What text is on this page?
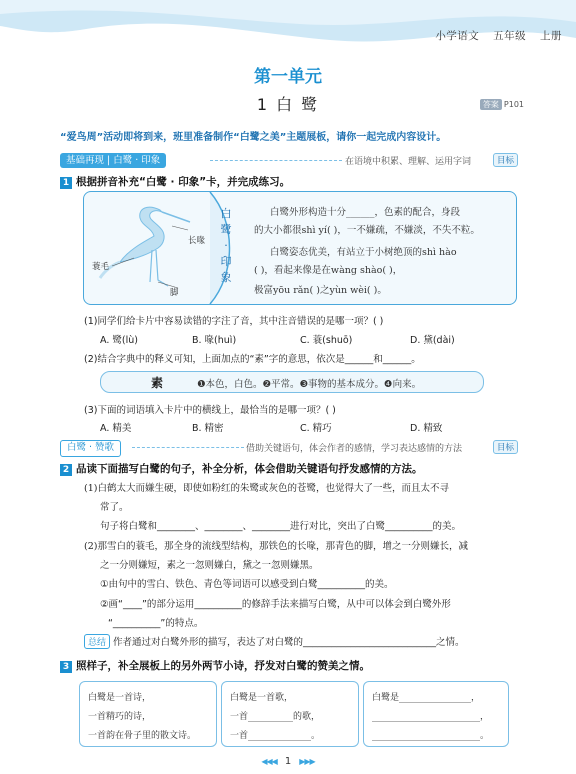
小学语文 五年级 上册
第一单元
1 白 鹭	答案 P101
“爱鸟周”活动即将到来，班里准备制作“白鹭之美”主题展板，请你一起完成内容设计。
基础再现 | 白鹭 · 印象	在语境中积累、理解、运用字词	目标
1 根据拼音补充“白鹭 · 印象”卡，并完成练习。
长喙
蓑毛
脚
白
鹭
·
印
象
白鹭外形构造十分______，色素的配合，身段
的大小都很shì yí( )，一不嫌疏，不嫌淡，不失不粒。
白鹭姿态优美，有站立于小树绝顶的shì hào
( )，看起来像是在wàng shào( )，
极富yōu rǎn( )之yùn wèi( )。
(1)同学们给卡片中容易读错的字注了音，其中注音错误的是哪一项？( )
A. 鹭(lù)	B. 喙(huì)	C. 蓑(shuō)	D. 黛(dài)
(2)结合字典中的释义可知，上面加点的“素”字的意思，依次是______和______。
素	❶本色，白色。❷平常。❸事物的基本成分。❹向来。
(3)下面的词语填入卡片中的横线上，最恰当的是哪一项？( )
A. 精美	B. 精密	C. 精巧	D. 精致
白鹭 · 赞歌	借助关键语句，体会作者的感情，学习表达感情的方法	目标
2 品读下面描写白鹭的句子，补全分析，体会借助关键语句抒发感情的方法。
(1)白鹤太大而嫌生硬，即使如粉红的朱鹭或灰色的苍鹭，也觉得大了一些，而且太不寻
常了。
句子将白鹭和________、________、________进行对比，突出了白鹭__________的美。
(2)那雪白的蓑毛，那全身的流线型结构，那铁色的长喙，那青色的脚，增之一分则嫌长，减
之一分则嫌短，素之一忽则嫌白，黛之一忽则嫌黑。
①由句中的雪白、铁色、青色等词语可以感受到白鹭__________的美。
②画“____”的部分运用__________的修辞手法来描写白鹭，从中可以体会到白鹭外形
“__________”的特点。
总结 作者通过对白鹭外形的描写，表达了对白鹭的____________________________之情。
3 照样子，补全展板上的另外两节小诗，抒发对白鹭的赞美之情。
白鹭是一首诗，
一首精巧的诗，
一首韵在骨子里的散文诗。
白鹭是一首歌，
一首__________的歌，
一首______________。
白鹭是________________，
________________________，
________________________。
◀◀◀ 1 ▶▶▶
